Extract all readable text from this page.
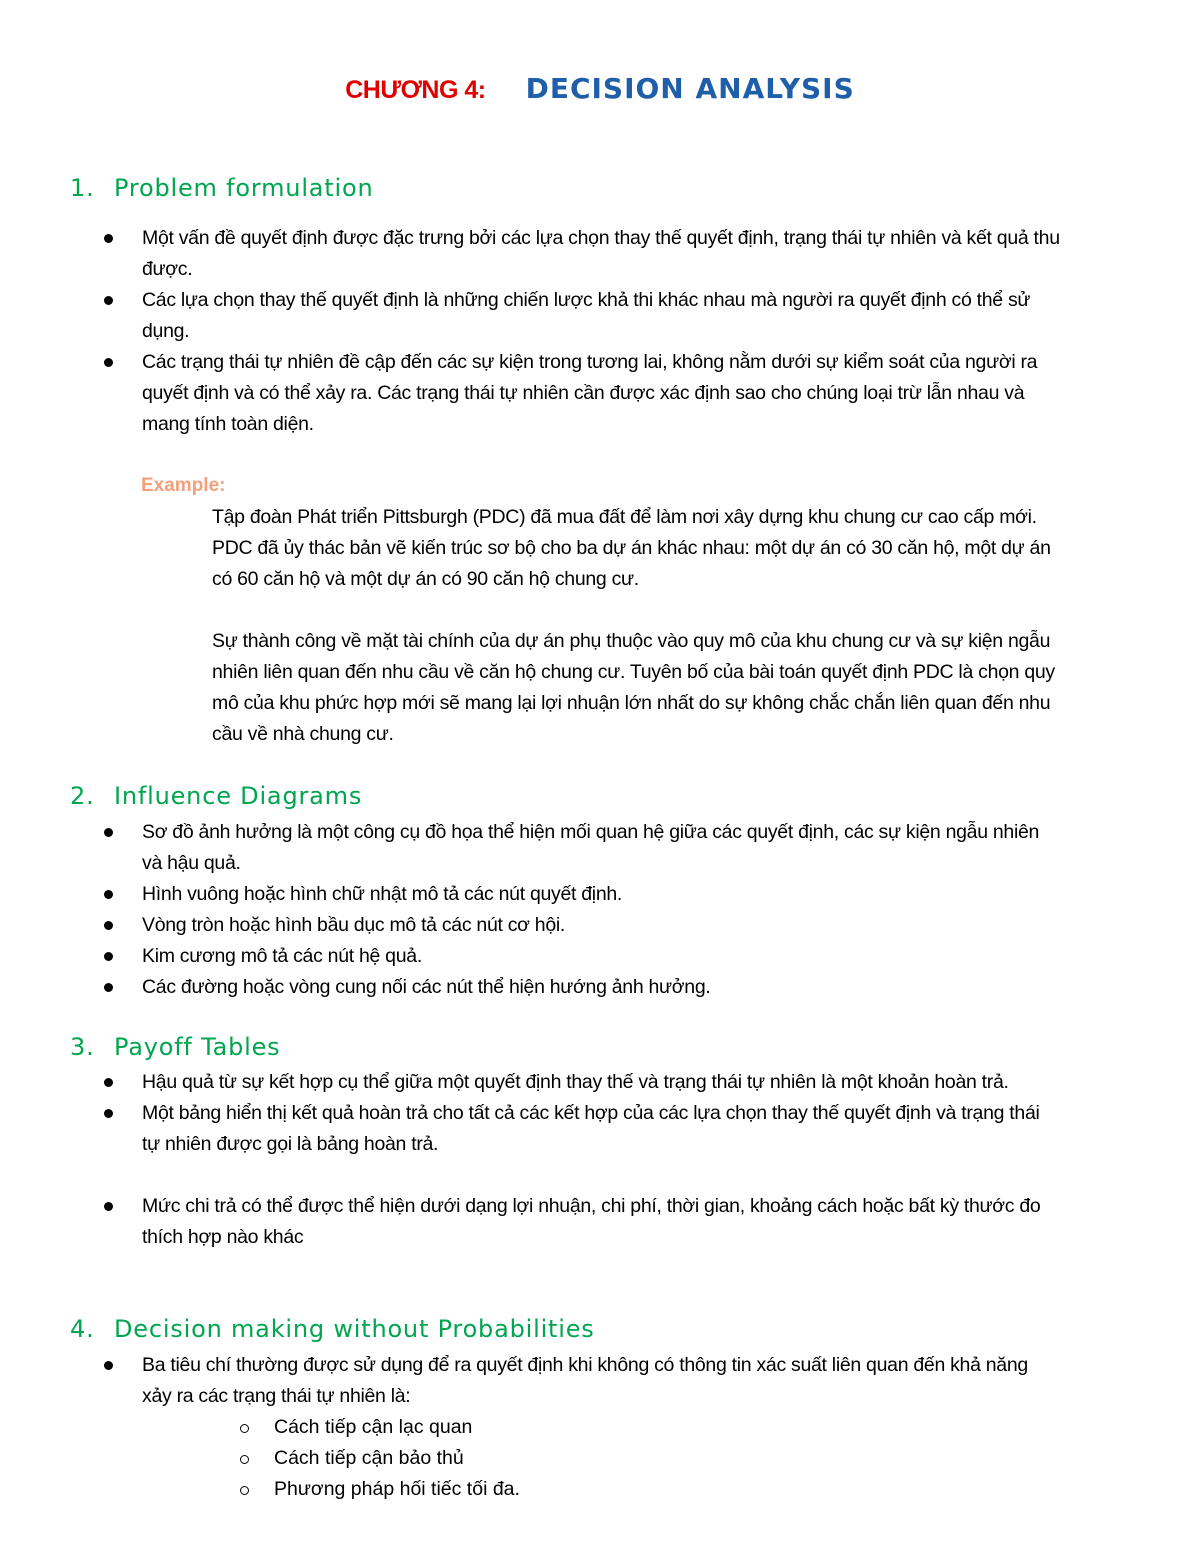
CHƯƠNG 4: DECISION ANALYSIS
1. Problem formulation
Một vấn đề quyết định được đặc trưng bởi các lựa chọn thay thế quyết định, trạng thái tự nhiên và kết quả thu được.
Các lựa chọn thay thế quyết định là những chiến lược khả thi khác nhau mà người ra quyết định có thể sử dụng.
Các trạng thái tự nhiên đề cập đến các sự kiện trong tương lai, không nằm dưới sự kiểm soát của người ra quyết định và có thể xảy ra. Các trạng thái tự nhiên cần được xác định sao cho chúng loại trừ lẫn nhau và mang tính toàn diện.
Example:

Tập đoàn Phát triển Pittsburgh (PDC) đã mua đất để làm nơi xây dựng khu chung cư cao cấp mới. PDC đã ủy thác bản vẽ kiến trúc sơ bộ cho ba dự án khác nhau: một dự án có 30 căn hộ, một dự án có 60 căn hộ và một dự án có 90 căn hộ chung cư.

Sự thành công về mặt tài chính của dự án phụ thuộc vào quy mô của khu chung cư và sự kiện ngẫu nhiên liên quan đến nhu cầu về căn hộ chung cư. Tuyên bố của bài toán quyết định PDC là chọn quy mô của khu phức hợp mới sẽ mang lại lợi nhuận lớn nhất do sự không chắc chắn liên quan đến nhu cầu về nhà chung cư.

2. Influence Diagrams
Sơ đồ ảnh hưởng là một công cụ đồ họa thể hiện mối quan hệ giữa các quyết định, các sự kiện ngẫu nhiên và hậu quả.
Hình vuông hoặc hình chữ nhật mô tả các nút quyết định.
Vòng tròn hoặc hình bầu dục mô tả các nút cơ hội.
Kim cương mô tả các nút hệ quả.
Các đường hoặc vòng cung nối các nút thể hiện hướng ảnh hưởng.
3. Payoff Tables
Hậu quả từ sự kết hợp cụ thể giữa một quyết định thay thế và trạng thái tự nhiên là một khoản hoàn trả.
Một bảng hiển thị kết quả hoàn trả cho tất cả các kết hợp của các lựa chọn thay thế quyết định và trạng thái tự nhiên được gọi là bảng hoàn trả.
Mức chi trả có thể được thể hiện dưới dạng lợi nhuận, chi phí, thời gian, khoảng cách hoặc bất kỳ thước đo thích hợp nào khác
4. Decision making without Probabilities
Ba tiêu chí thường được sử dụng để ra quyết định khi không có thông tin xác suất liên quan đến khả năng xảy ra các trạng thái tự nhiên là:
Cách tiếp cận lạc quan
Cách tiếp cận bảo thủ
Phương pháp hối tiếc tối đa.
